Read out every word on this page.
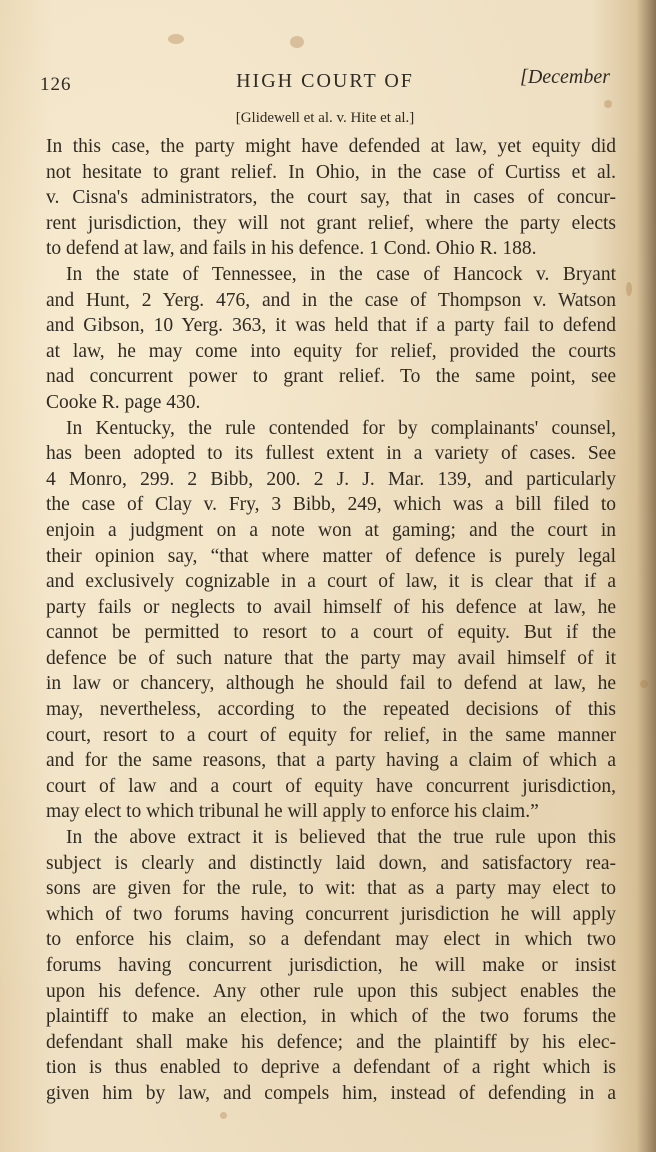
126	HIGH COURT OF	[December
[Glidewell et al. v. Hite et al.]
In this case, the party might have defended at law, yet equity did
not hesitate to grant relief. In Ohio, in the case of Curtiss et al.
v. Cisna's administrators, the court say, that in cases of concur-
rent jurisdiction, they will not grant relief, where the party elects
to defend at law, and fails in his defence. 1 Cond. Ohio R. 188.
In the state of Tennessee, in the case of Hancock v. Bryant
and Hunt, 2 Yerg. 476, and in the case of Thompson v. Watson
and Gibson, 10 Yerg. 363, it was held that if a party fail to defend
at law, he may come into equity for relief, provided the courts
nad concurrent power to grant relief. To the same point, see
Cooke R. page 430.
In Kentucky, the rule contended for by complainants' counsel,
has been adopted to its fullest extent in a variety of cases. See
4 Monro, 299. 2 Bibb, 200. 2 J. J. Mar. 139, and particularly
the case of Clay v. Fry, 3 Bibb, 249, which was a bill filed to
enjoin a judgment on a note won at gaming; and the court in
their opinion say, “that where matter of defence is purely legal
and exclusively cognizable in a court of law, it is clear that if a
party fails or neglects to avail himself of his defence at law, he
cannot be permitted to resort to a court of equity. But if the
defence be of such nature that the party may avail himself of it
in law or chancery, although he should fail to defend at law, he
may, nevertheless, according to the repeated decisions of this
court, resort to a court of equity for relief, in the same manner
and for the same reasons, that a party having a claim of which a
court of law and a court of equity have concurrent jurisdiction,
may elect to which tribunal he will apply to enforce his claim.”
In the above extract it is believed that the true rule upon this
subject is clearly and distinctly laid down, and satisfactory rea-
sons are given for the rule, to wit: that as a party may elect to
which of two forums having concurrent jurisdiction he will apply
to enforce his claim, so a defendant may elect in which two
forums having concurrent jurisdiction, he will make or insist
upon his defence. Any other rule upon this subject enables the
plaintiff to make an election, in which of the two forums the
defendant shall make his defence; and the plaintiff by his elec-
tion is thus enabled to deprive a defendant of a right which is
given him by law, and compels him, instead of defending in a
